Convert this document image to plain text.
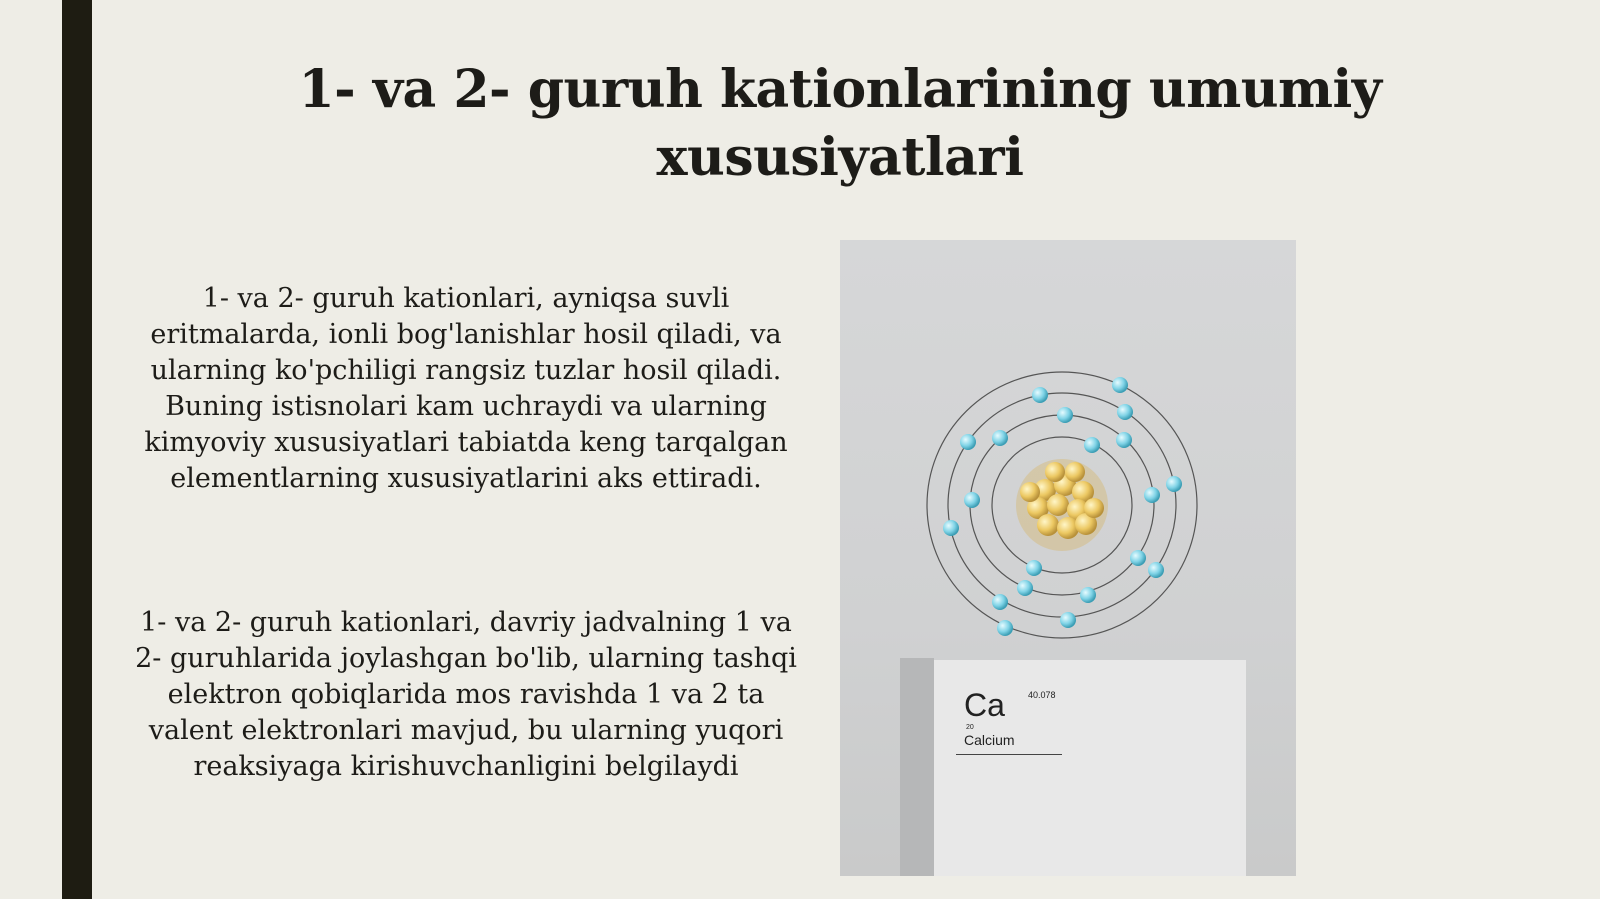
1- va 2- guruh kationlarining umumiy xususiyatlari

1- va 2- guruh kationlari, ayniqsa suvli
eritmalarda, ionli bog'lanishlar hosil qiladi, va
ularning ko'pchiligi rangsiz tuzlar hosil qiladi.
Buning istisnolari kam uchraydi va ularning
kimyoviy xususiyatlari tabiatda keng tarqalgan
elementlarning xususiyatlarini aks ettiradi.

1- va 2- guruh kationlari, davriy jadvalning 1 va
2- guruhlarida joylashgan bo'lib, ularning tashqi
elektron qobiqlarida mos ravishda 1 va 2 ta
valent elektronlari mavjud, bu ularning yuqori
reaksiyaga kirishuvchanligini belgilaydi

Ca	40.078
20
Calcium
